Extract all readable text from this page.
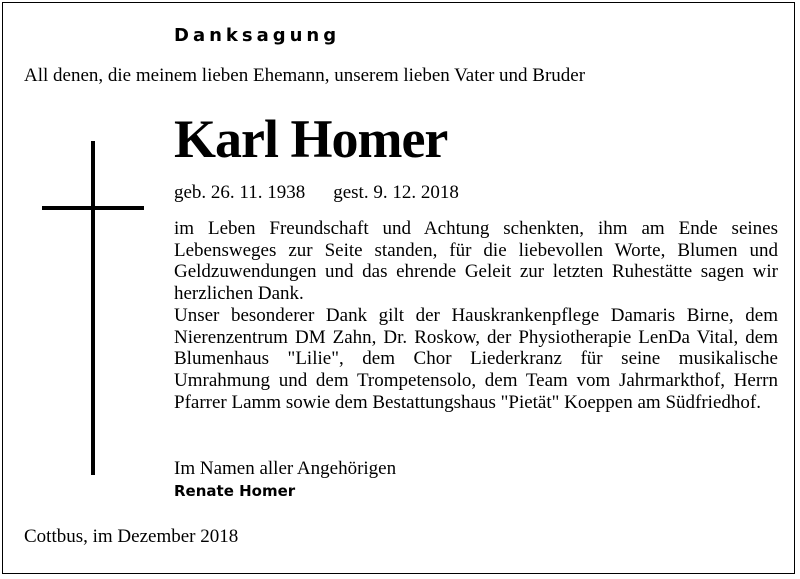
Danksagung
All denen, die meinem lieben Ehemann, unserem lieben Vater und Bruder
Karl Homer
geb. 26. 11. 1938 gest. 9. 12. 2018
im Leben Freundschaft und Achtung schenkten, ihm am Ende seines Lebensweges zur Seite standen, für die liebevollen Worte, Blumen und Geldzuwendungen und das ehrende Geleit zur letzten Ruhestätte sagen wir herzlichen Dank.
Unser besonderer Dank gilt der Hauskrankenpflege Damaris Birne, dem Nierenzentrum DM Zahn, Dr. Roskow, der Physiotherapie LenDa Vital, dem Blumenhaus "Lilie", dem Chor Liederkranz für seine musikalische Umrahmung und dem Trompetensolo, dem Team vom Jahrmarkthof, Herrn Pfarrer Lamm sowie dem Bestattungshaus "Pietät" Koeppen am Südfriedhof.
Im Namen aller Angehörigen
Renate Homer
Cottbus, im Dezember 2018
